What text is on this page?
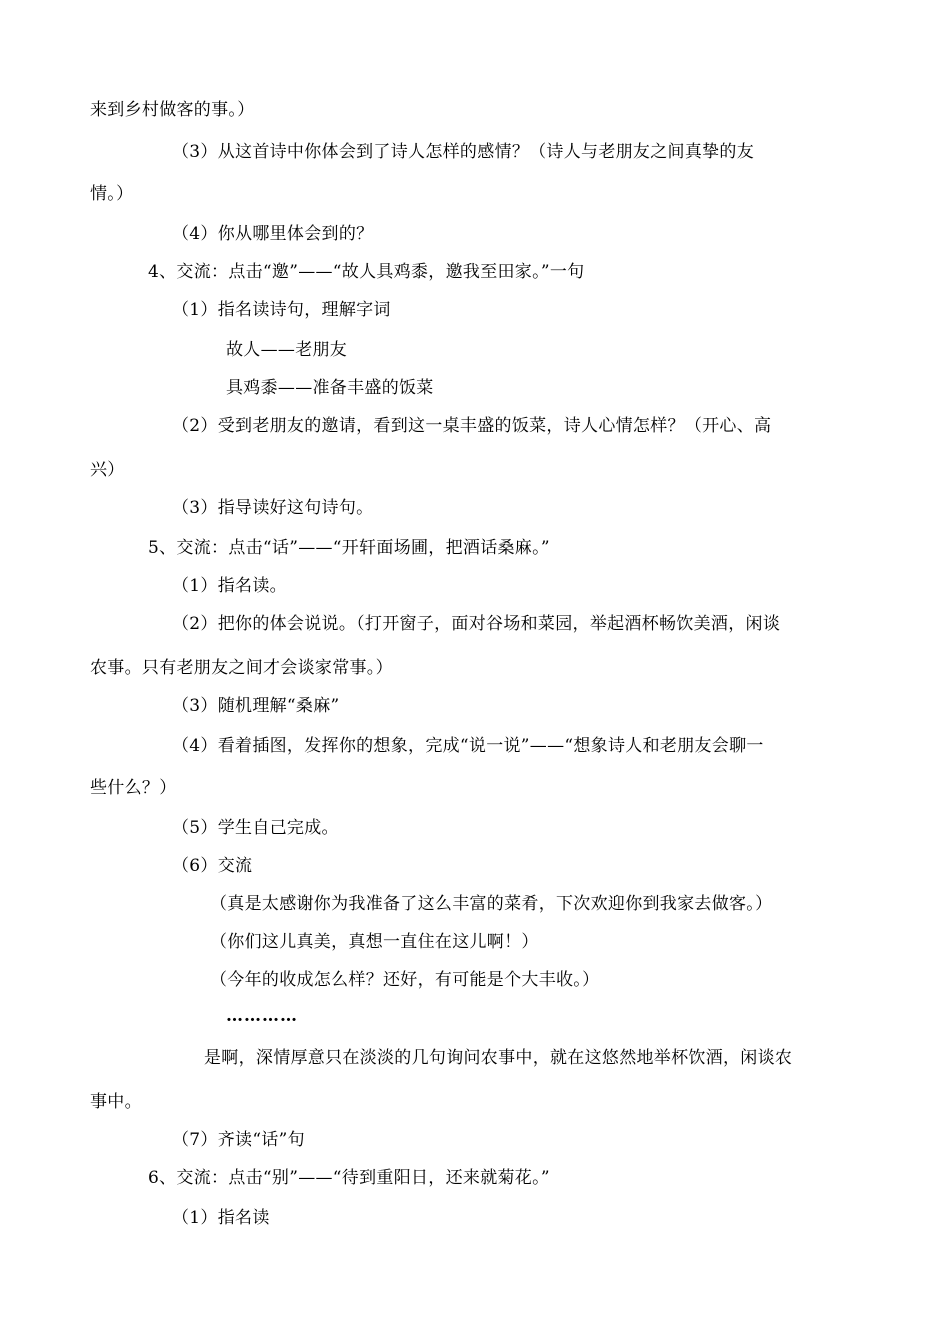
来到乡村做客的事。）
（3）从这首诗中你体会到了诗人怎样的感情？（诗人与老朋友之间真挚的友
情。）
（4）你从哪里体会到的？
4、交流：点击“邀”——“故人具鸡黍，邀我至田家。”一句
（1）指名读诗句，理解字词
故人——老朋友
具鸡黍——准备丰盛的饭菜
（2）受到老朋友的邀请，看到这一桌丰盛的饭菜，诗人心情怎样？（开心、高
兴）
（3）指导读好这句诗句。
5、交流：点击“话”——“开轩面场圃，把酒话桑麻。”
（1）指名读。
（2）把你的体会说说。（打开窗子，面对谷场和菜园，举起酒杯畅饮美酒，闲谈
农事。只有老朋友之间才会谈家常事。）
（3）随机理解“桑麻”
（4）看着插图，发挥你的想象，完成“说一说”——“想象诗人和老朋友会聊一
些什么？）
（5）学生自己完成。
（6）交流
（真是太感谢你为我准备了这么丰富的菜肴，下次欢迎你到我家去做客。）
（你们这儿真美，真想一直住在这儿啊！）
（今年的收成怎么样？还好，有可能是个大丰收。）
…………
是啊，深情厚意只在淡淡的几句询问农事中，就在这悠然地举杯饮酒，闲谈农
事中。
（7）齐读“话”句
6、交流：点击“别”——“待到重阳日，还来就菊花。”
（1）指名读
